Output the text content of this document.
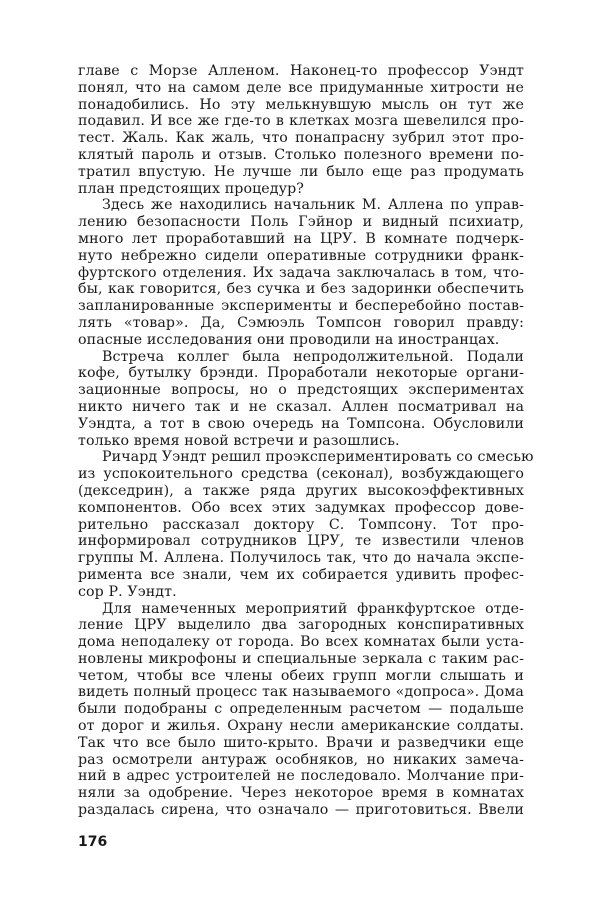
главе с Морзе Алленом. Наконец-то профессор Уэндт
понял, что на самом деле все придуманные хитрости не
понадобились. Но эту мелькнувшую мысль он тут же
подавил. И все же где-то в клетках мозга шевелился про-
тест. Жаль. Как жаль, что понапрасну зубрил этот про-
клятый пароль и отзыв. Столько полезного времени по-
тратил впустую. Не лучше ли было еще раз продумать
план предстоящих процедур?
Здесь же находились начальник М. Аллена по управ-
лению безопасности Поль Гэйнор и видный психиатр,
много лет проработавший на ЦРУ. В комнате подчерк-
нуто небрежно сидели оперативные сотрудники франк-
фуртского отделения. Их задача заключалась в том, что-
бы, как говорится, без сучка и без задоринки обеспечить
запланированные эксперименты и бесперебойно постав-
лять «товар». Да, Сэмюэль Томпсон говорил правду:
опасные исследования они проводили на иностранцах.
Встреча коллег была непродолжительной. Подали
кофе, бутылку брэнди. Проработали некоторые органи-
зационные вопросы, но о предстоящих экспериментах
никто ничего так и не сказал. Аллен посматривал на
Уэндта, а тот в свою очередь на Томпсона. Обусловили
только время новой встречи и разошлись.
Ричард Уэндт решил проэкспериментировать со смесью
из успокоительного средства (секонал), возбуждающего
(декседрин), а также ряда других высокоэффективных
компонентов. Обо всех этих задумках профессор дове-
рительно рассказал доктору С. Томпсону. Тот про-
информировал сотрудников ЦРУ, те известили членов
группы М. Аллена. Получилось так, что до начала экспе-
римента все знали, чем их собирается удивить профес-
сор Р. Уэндт.
Для намеченных мероприятий франкфуртское отде-
ление ЦРУ выделило два загородных конспиративных
дома неподалеку от города. Во всех комнатах были уста-
новлены микрофоны и специальные зеркала с таким рас-
четом, чтобы все члены обеих групп могли слышать и
видеть полный процесс так называемого «допроса». Дома
были подобраны с определенным расчетом — подальше
от дорог и жилья. Охрану несли американские солдаты.
Так что все было шито-крыто. Врачи и разведчики еще
раз осмотрели антураж особняков, но никаких замеча-
ний в адрес устроителей не последовало. Молчание при-
няли за одобрение. Через некоторое время в комнатах
раздалась сирена, что означало — приготовиться. Ввели
176
